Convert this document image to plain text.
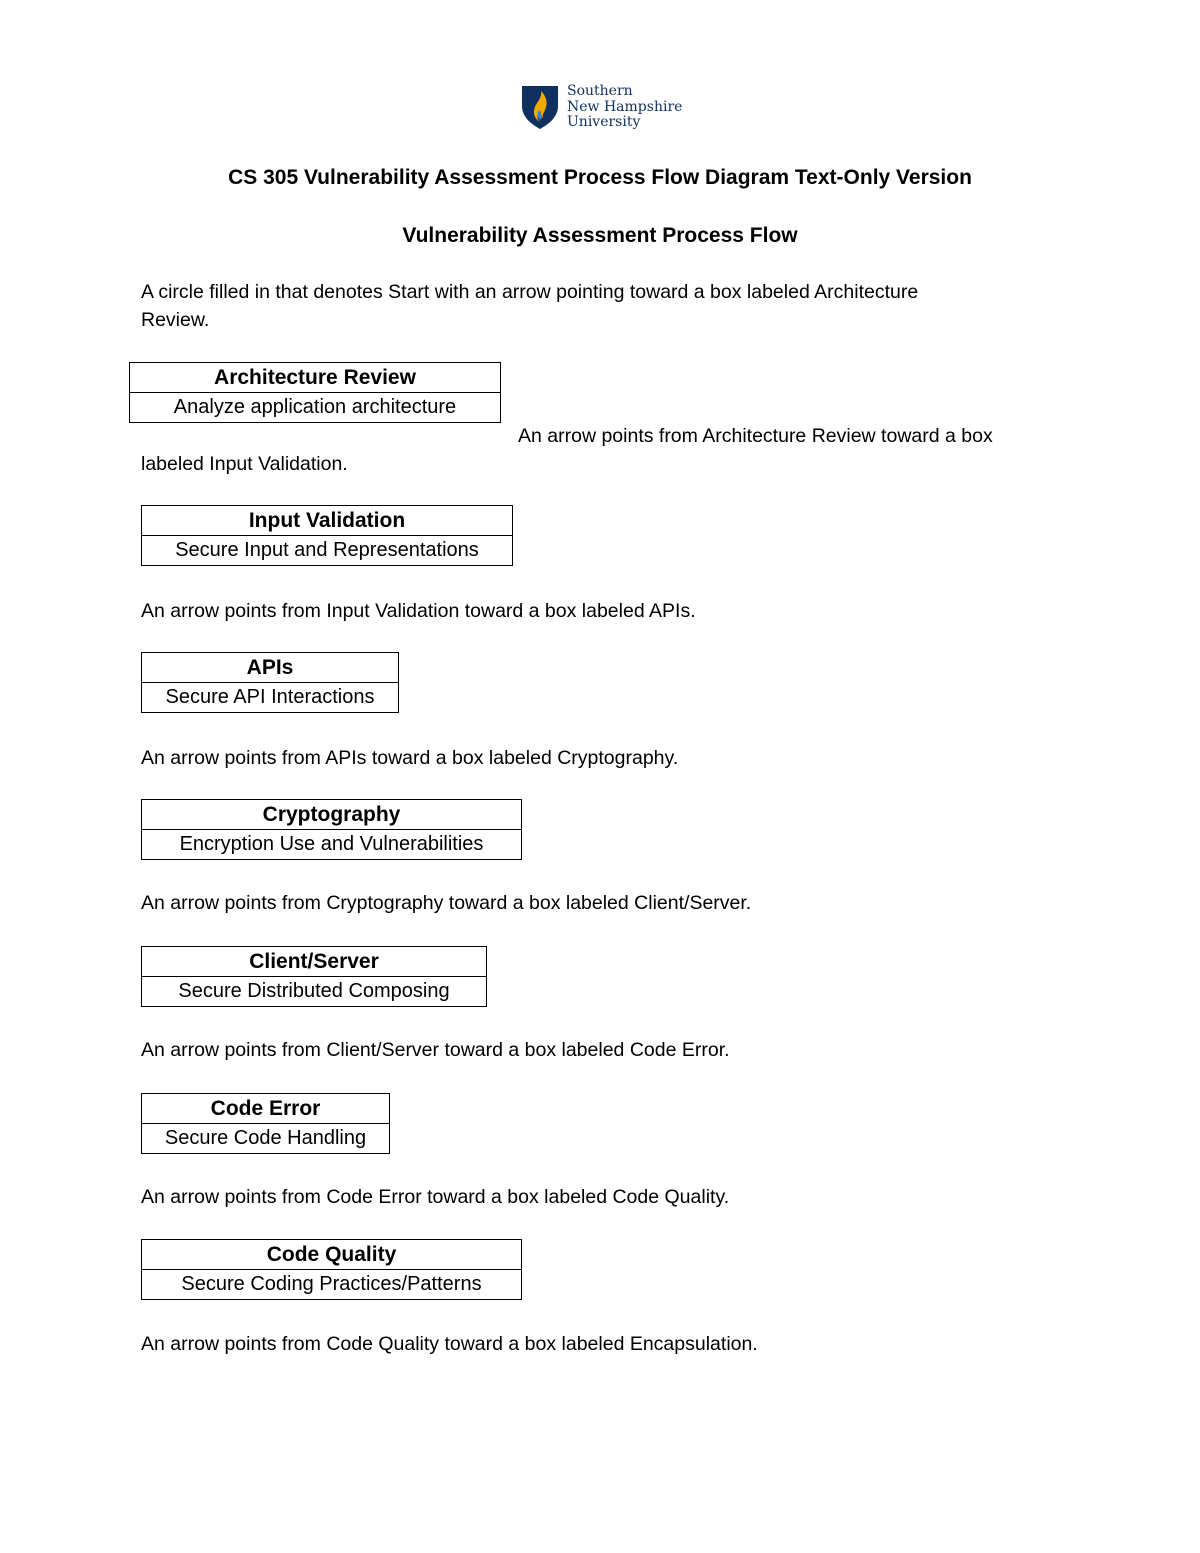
Southern
New Hampshire
University
CS 305 Vulnerability Assessment Process Flow Diagram Text-Only Version
Vulnerability Assessment Process Flow
A circle filled in that denotes Start with an arrow pointing toward a box labeled Architecture
Review.
Architecture Review
Analyze application architecture
An arrow points from Architecture Review toward a box
labeled Input Validation.
Input Validation
Secure Input and Representations
An arrow points from Input Validation toward a box labeled APIs.
APIs
Secure API Interactions
An arrow points from APIs toward a box labeled Cryptography.
Cryptography
Encryption Use and Vulnerabilities
An arrow points from Cryptography toward a box labeled Client/Server.
Client/Server
Secure Distributed Composing
An arrow points from Client/Server toward a box labeled Code Error.
Code Error
Secure Code Handling
An arrow points from Code Error toward a box labeled Code Quality.
Code Quality
Secure Coding Practices/Patterns
An arrow points from Code Quality toward a box labeled Encapsulation.
